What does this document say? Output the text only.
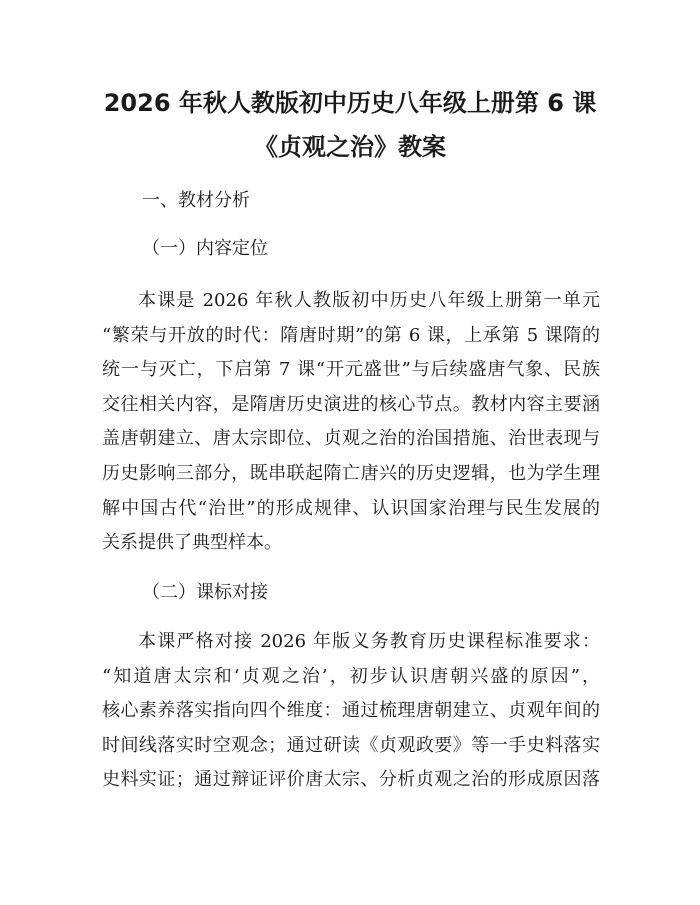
2026 年秋人教版初中历史八年级上册第 6 课
《贞观之治》教案
一、教材分析
（一）内容定位
本课是 2026 年秋人教版初中历史八年级上册第一单元
“繁荣与开放的时代：隋唐时期”的第 6 课，上承第 5 课隋的
统一与灭亡，下启第 7 课“开元盛世”与后续盛唐气象、民族
交往相关内容，是隋唐历史演进的核心节点。教材内容主要涵
盖唐朝建立、唐太宗即位、贞观之治的治国措施、治世表现与
历史影响三部分，既串联起隋亡唐兴的历史逻辑，也为学生理
解中国古代“治世”的形成规律、认识国家治理与民生发展的
关系提供了典型样本。
（二）课标对接
本课严格对接 2026 年版义务教育历史课程标准要求：
“知道唐太宗和‘贞观之治’，初步认识唐朝兴盛的原因”，
核心素养落实指向四个维度：通过梳理唐朝建立、贞观年间的
时间线落实时空观念；通过研读《贞观政要》等一手史料落实
史料实证；通过辩证评价唐太宗、分析贞观之治的形成原因落
